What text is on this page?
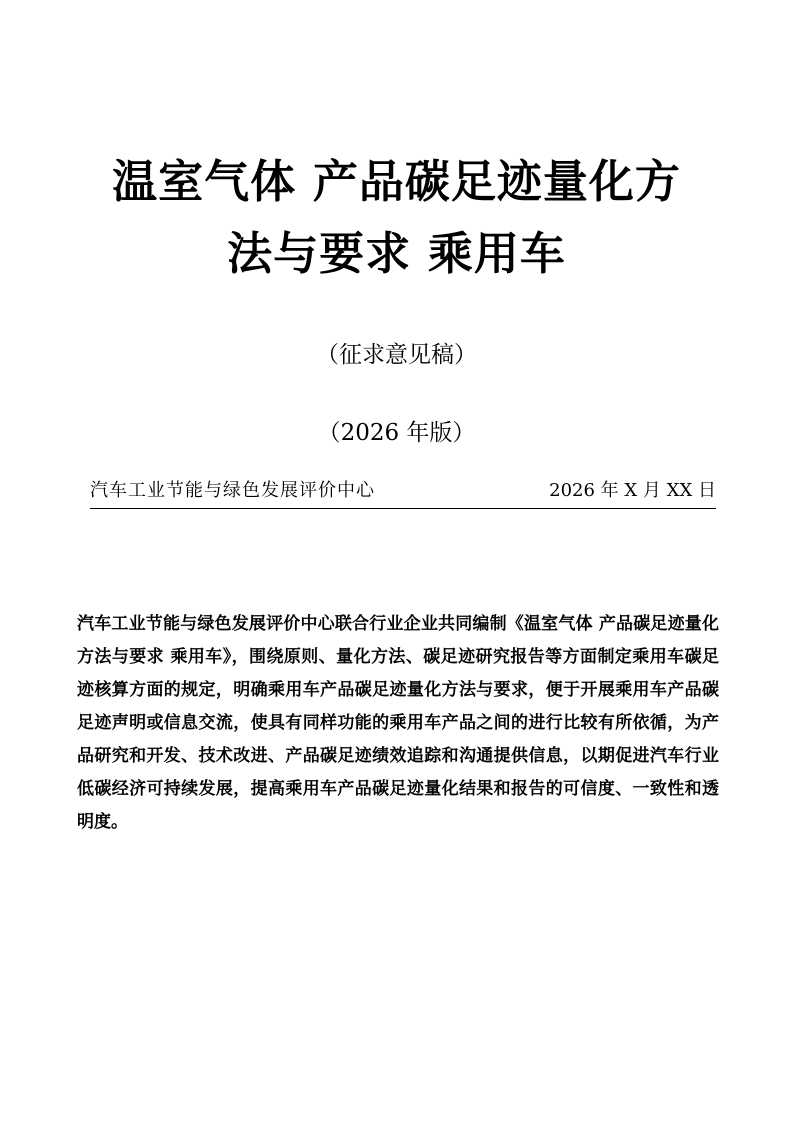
温室气体 产品碳足迹量化方
法与要求 乘用车
（征求意见稿）
（2026 年版）
汽车工业节能与绿色发展评价中心	2026 年 X 月 XX 日

汽车工业节能与绿色发展评价中心联合行业企业共同编制《温室气体 产品碳足迹量化方法与要求 乘用车》，围绕原则、量化方法、碳足迹研究报告等方面制定乘用车碳足迹核算方面的规定，明确乘用车产品碳足迹量化方法与要求，便于开展乘用车产品碳足迹声明或信息交流，使具有同样功能的乘用车产品之间的进行比较有所依循，为产品研究和开发、技术改进、产品碳足迹绩效追踪和沟通提供信息，以期促进汽车行业低碳经济可持续发展，提高乘用车产品碳足迹量化结果和报告的可信度、一致性和透明度。
